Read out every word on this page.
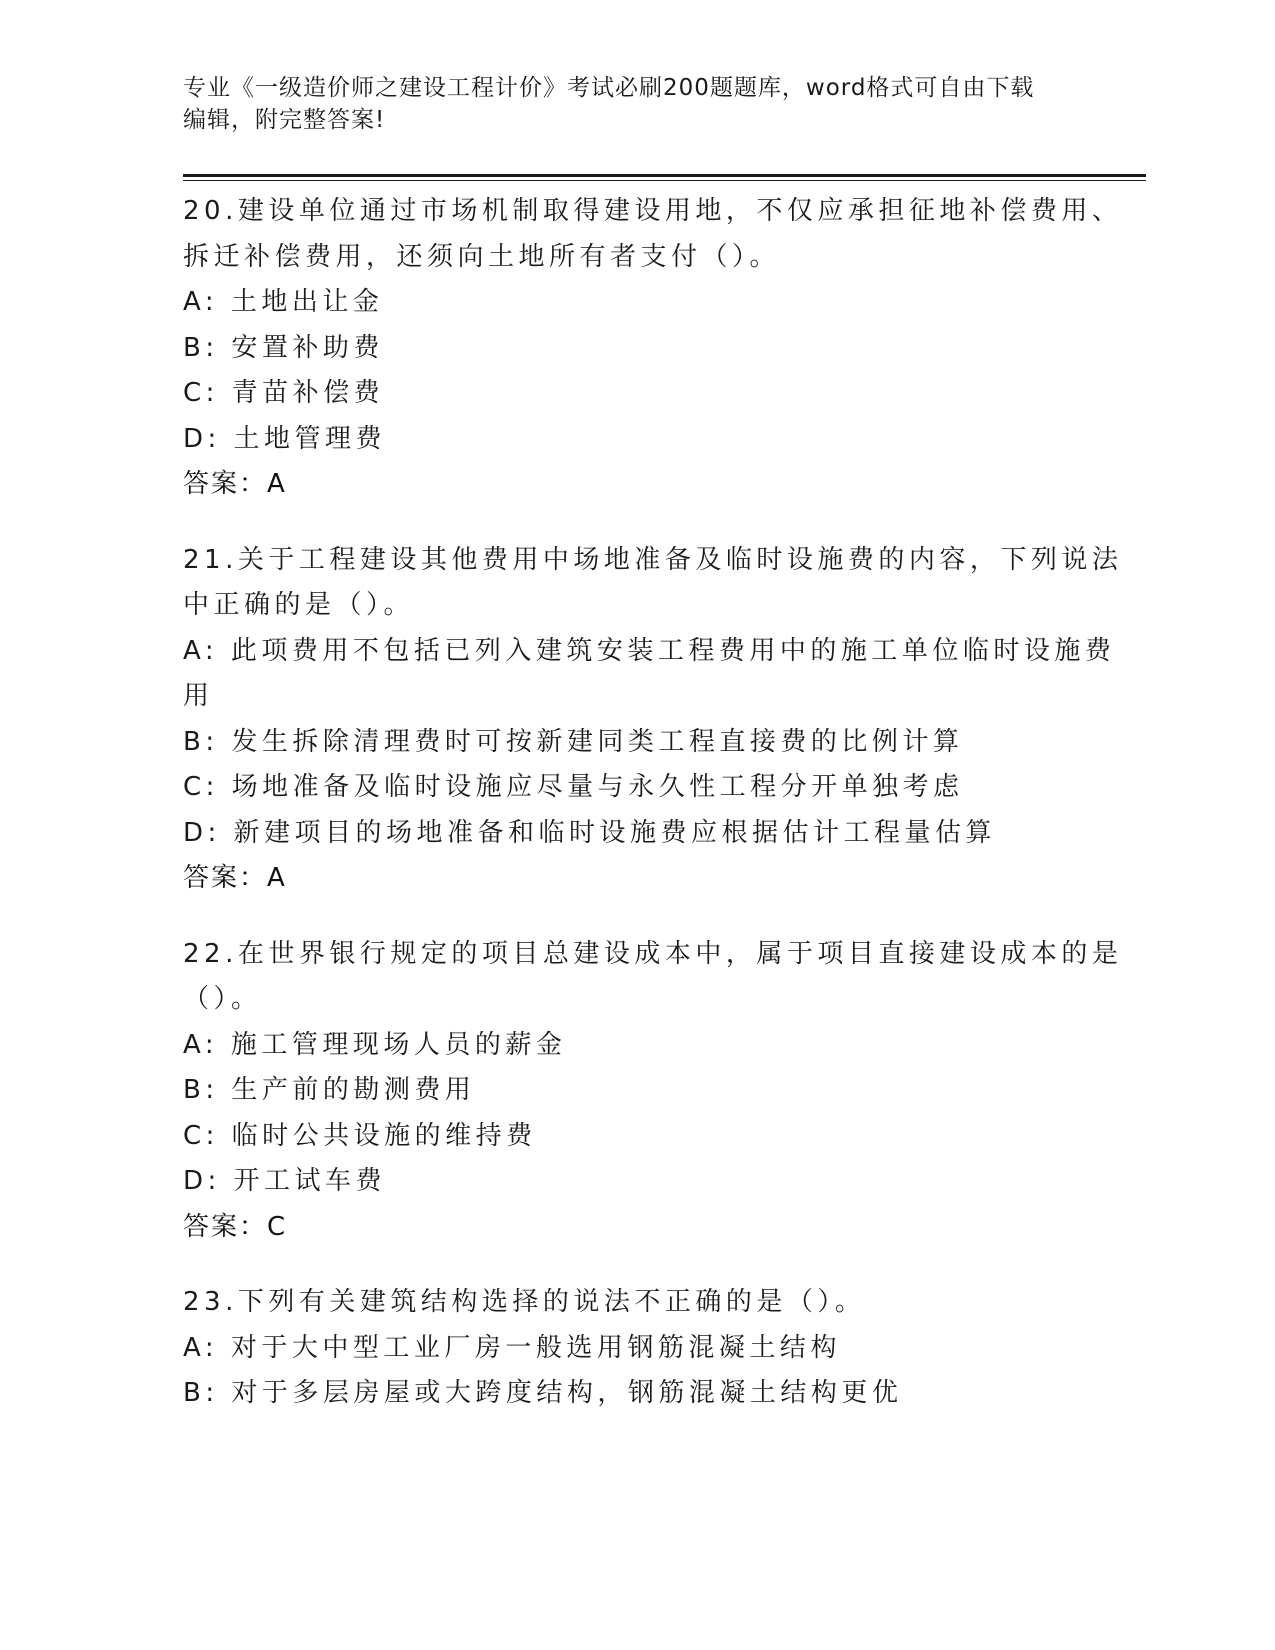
专业《一级造价师之建设工程计价》考试必刷200题题库，word格式可自由下载
编辑，附完整答案!
20.建设单位通过市场机制取得建设用地，不仅应承担征地补偿费用、
拆迁补偿费用，还须向土地所有者支付（）。
A: 土地出让金
B: 安置补助费
C: 青苗补偿费
D: 土地管理费
答案：A
21.关于工程建设其他费用中场地准备及临时设施费的内容，下列说法
中正确的是（）。
A: 此项费用不包括已列入建筑安装工程费用中的施工单位临时设施费
用
B: 发生拆除清理费时可按新建同类工程直接费的比例计算
C: 场地准备及临时设施应尽量与永久性工程分开单独考虑
D: 新建项目的场地准备和临时设施费应根据估计工程量估算
答案：A
22.在世界银行规定的项目总建设成本中，属于项目直接建设成本的是
（）。
A: 施工管理现场人员的薪金
B: 生产前的勘测费用
C: 临时公共设施的维持费
D: 开工试车费
答案：C
23.下列有关建筑结构选择的说法不正确的是（）。
A: 对于大中型工业厂房一般选用钢筋混凝土结构
B: 对于多层房屋或大跨度结构，钢筋混凝土结构更优
